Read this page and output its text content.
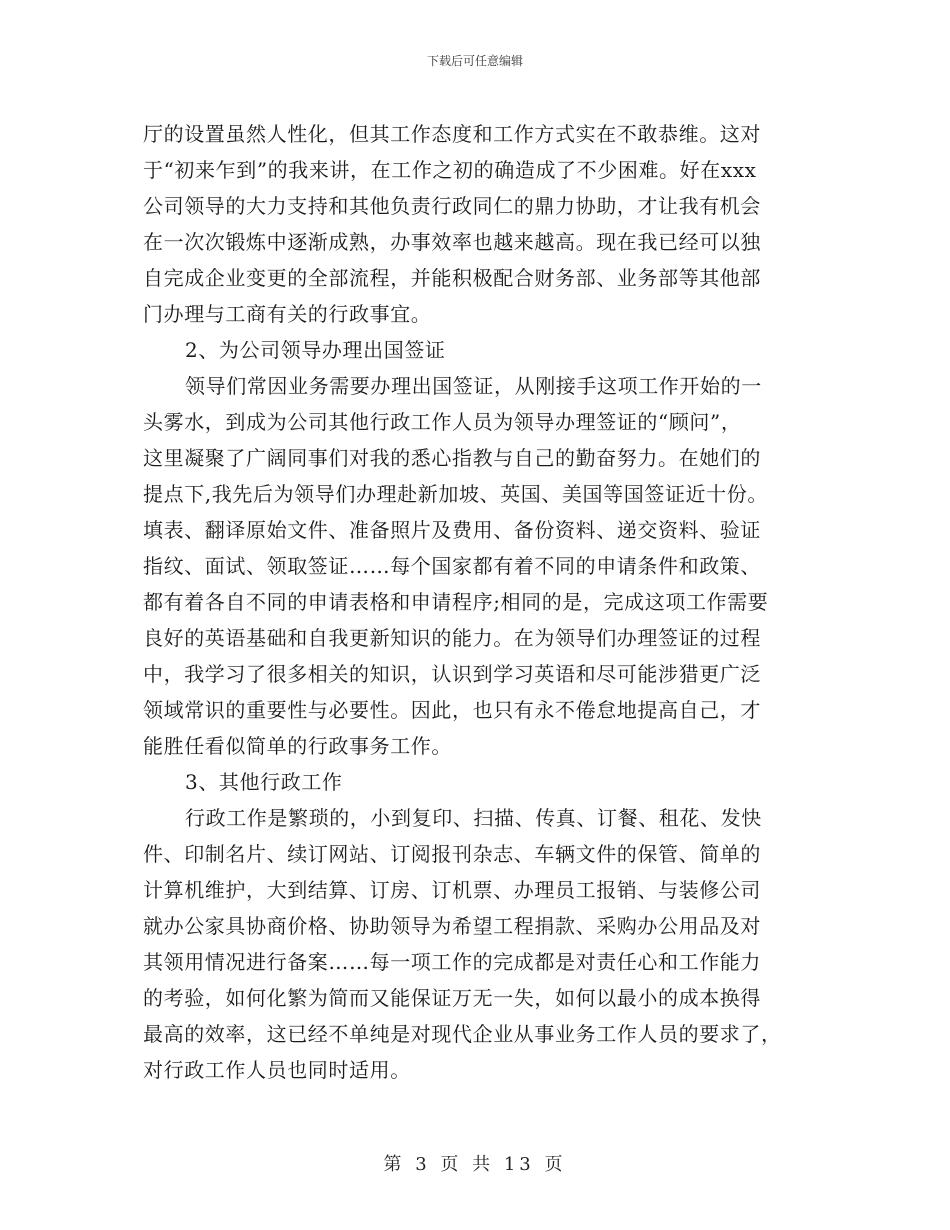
下载后可任意编辑
厅的设置虽然人性化，但其工作态度和工作方式实在不敢恭维。这对
于“初来乍到”的我来讲，在工作之初的确造成了不少困难。好在xxx
公司领导的大力支持和其他负责行政同仁的鼎力协助，才让我有机会
在一次次锻炼中逐渐成熟，办事效率也越来越高。现在我已经可以独
自完成企业变更的全部流程，并能积极配合财务部、业务部等其他部
门办理与工商有关的行政事宜。
2、为公司领导办理出国签证
领导们常因业务需要办理出国签证，从刚接手这项工作开始的一
头雾水，到成为公司其他行政工作人员为领导办理签证的“顾问”，
这里凝聚了广阔同事们对我的悉心指教与自己的勤奋努力。在她们的
提点下,我先后为领导们办理赴新加坡、英国、美国等国签证近十份。
填表、翻译原始文件、准备照片及费用、备份资料、递交资料、验证
指纹、面试、领取签证……每个国家都有着不同的申请条件和政策、
都有着各自不同的申请表格和申请程序;相同的是，完成这项工作需要
良好的英语基础和自我更新知识的能力。在为领导们办理签证的过程
中，我学习了很多相关的知识，认识到学习英语和尽可能涉猎更广泛
领域常识的重要性与必要性。因此，也只有永不倦怠地提高自己，才
能胜任看似简单的行政事务工作。
3、其他行政工作
行政工作是繁琐的，小到复印、扫描、传真、订餐、租花、发快
件、印制名片、续订网站、订阅报刊杂志、车辆文件的保管、简单的
计算机维护，大到结算、订房、订机票、办理员工报销、与装修公司
就办公家具协商价格、协助领导为希望工程捐款、采购办公用品及对
其领用情况进行备案……每一项工作的完成都是对责任心和工作能力
的考验，如何化繁为简而又能保证万无一失，如何以最小的成本换得
最高的效率，这已经不单纯是对现代企业从事业务工作人员的要求了，
对行政工作人员也同时适用。
第 3 页 共 13 页
